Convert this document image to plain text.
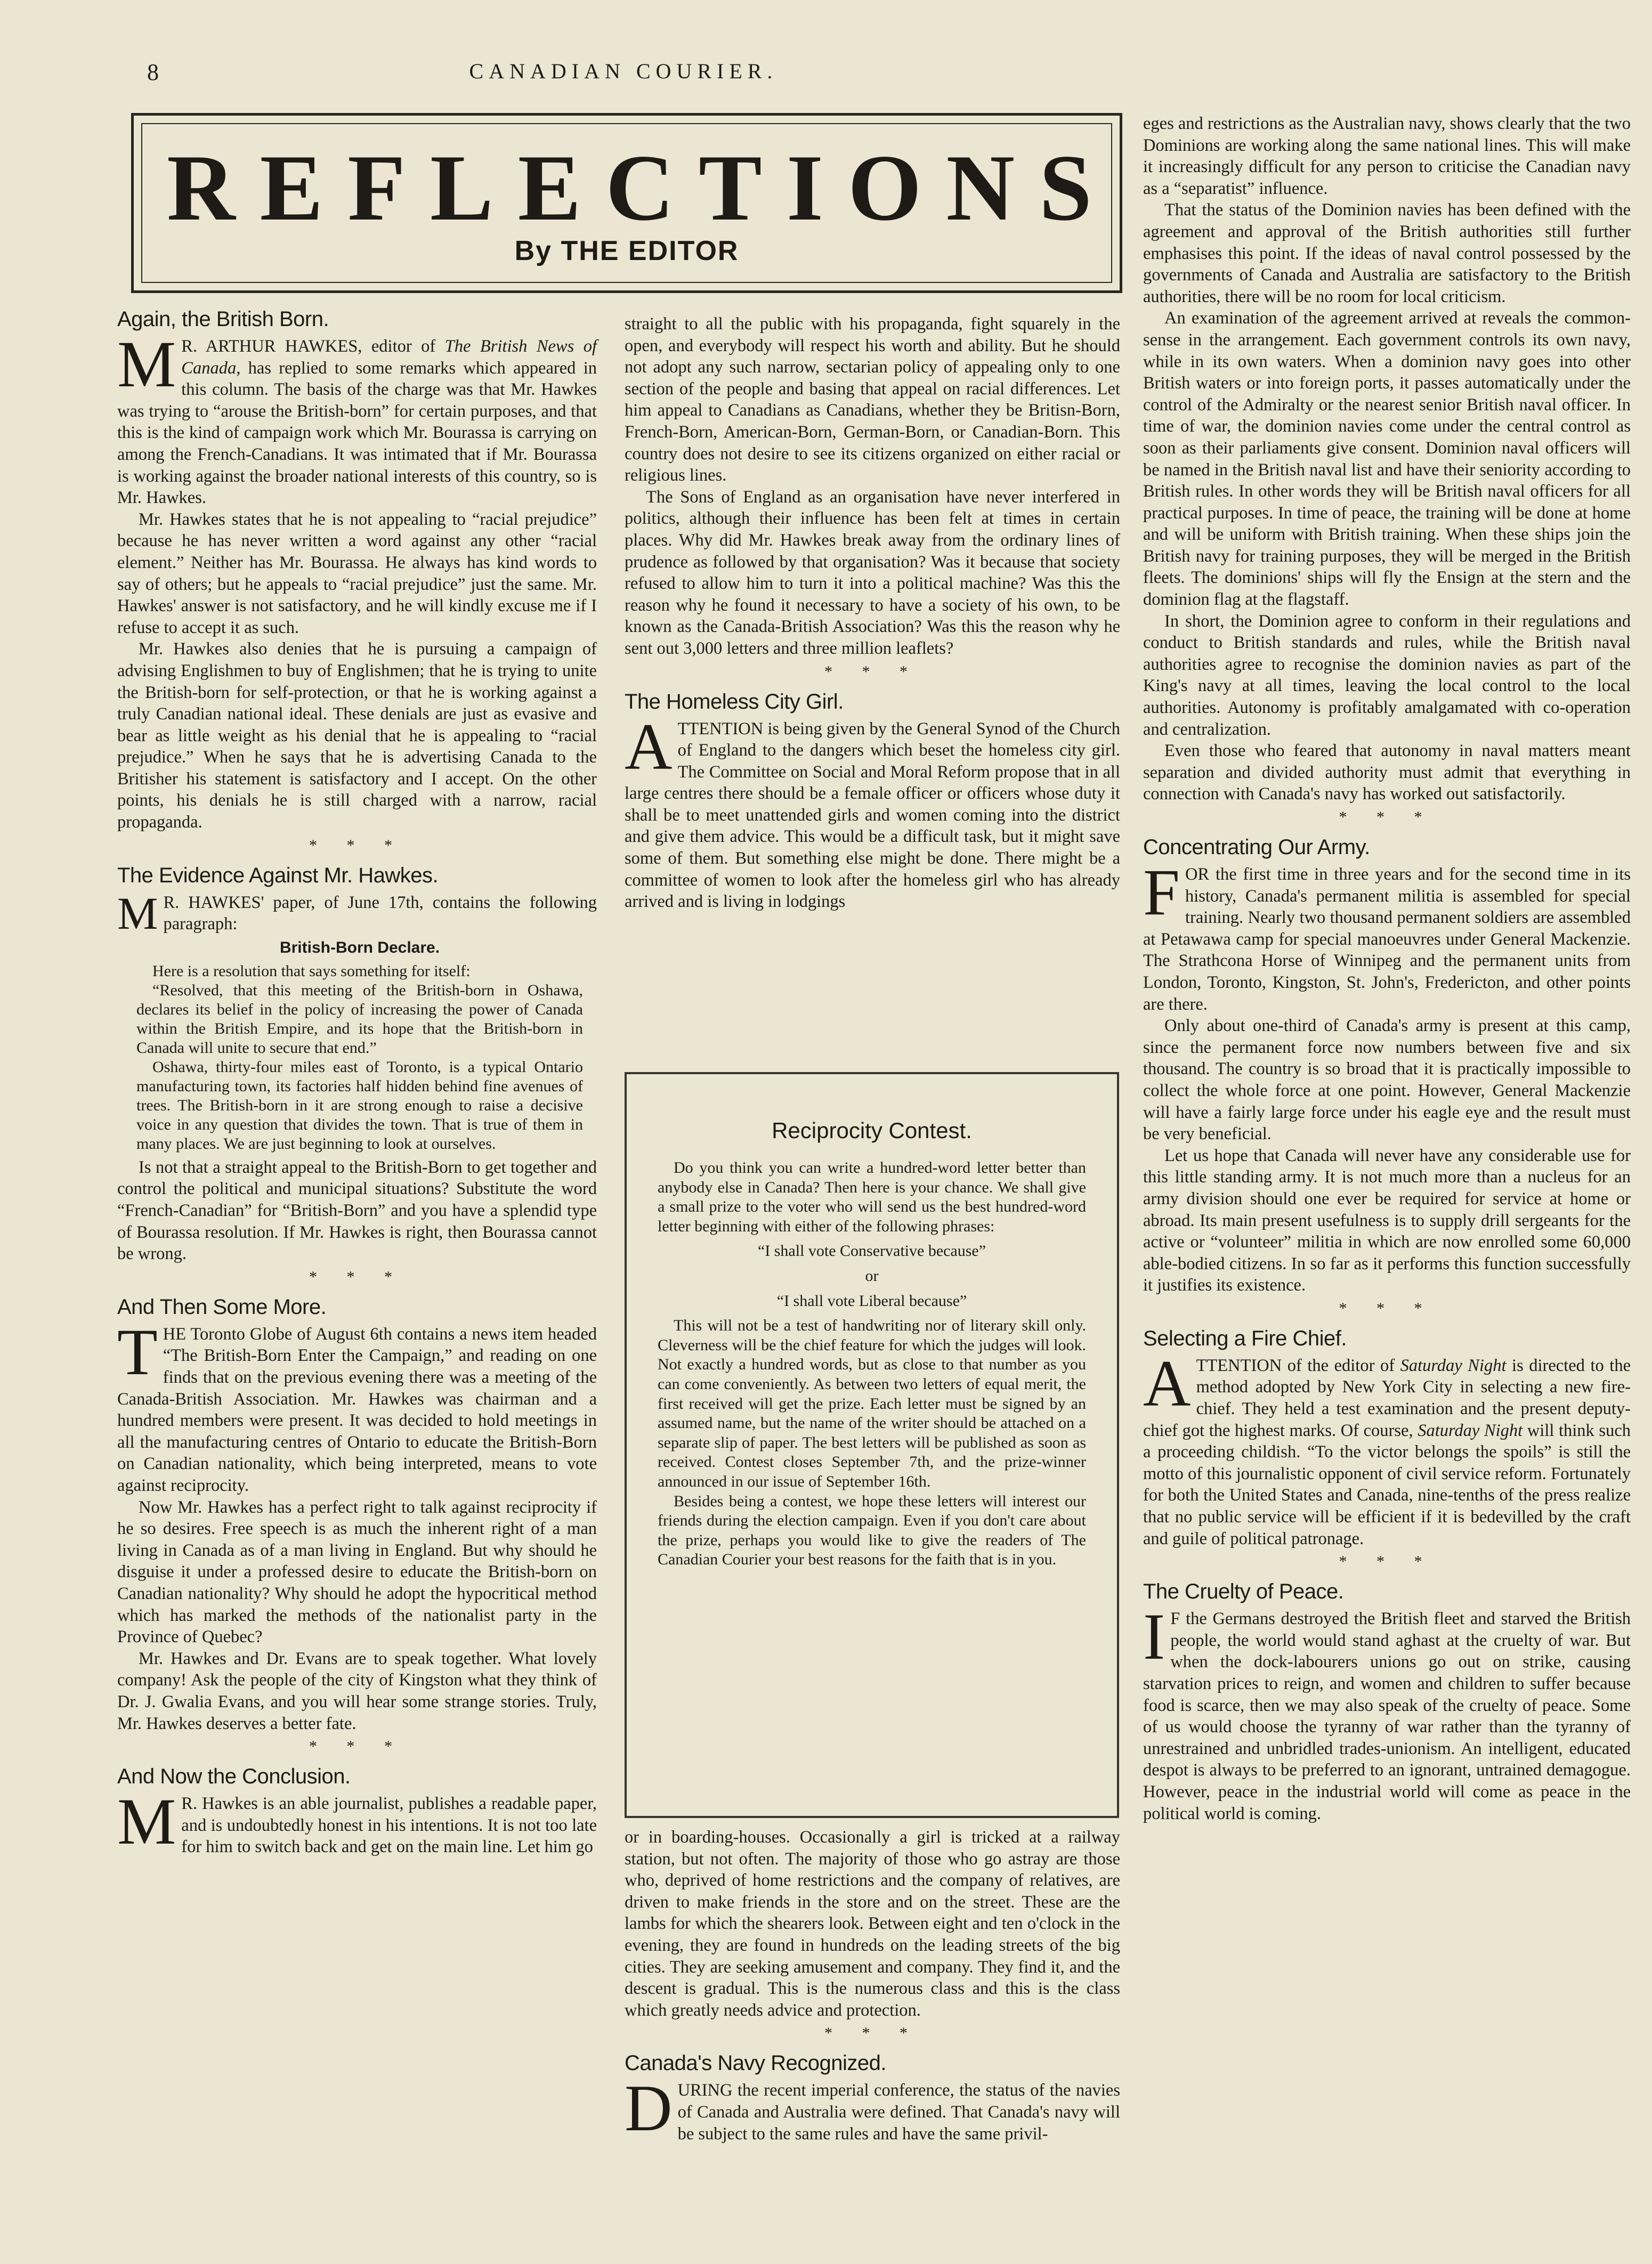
8	CANADIAN COURIER.
REFLECTIONS
By THE EDITOR
Again, the British Born.

M R. ARTHUR HAWKES, editor of The British News of Canada, has replied to some remarks which appeared in this column. The basis of the charge was that Mr. Hawkes was trying to “arouse the British-born” for certain purposes, and that this is the kind of campaign work which Mr. Bourassa is carrying on among the French-Canadians. It was intimated that if Mr. Bourassa is working against the broader national interests of this country, so is Mr. Hawkes.

Mr. Hawkes states that he is not appealing to “racial prejudice” because he has never written a word against any other “racial element.” Neither has Mr. Bourassa. He always has kind words to say of others; but he appeals to “racial prejudice” just the same. Mr. Hawkes' answer is not satisfactory, and he will kindly excuse me if I refuse to accept it as such.

Mr. Hawkes also denies that he is pursuing a campaign of advising Englishmen to buy of Englishmen; that he is trying to unite the British-born for self-protection, or that he is working against a truly Canadian national ideal. These denials are just as evasive and bear as little weight as his denial that he is appealing to “racial prejudice.” When he says that he is advertising Canada to the Britisher his statement is satisfactory and I accept. On the other points, his denials he is still charged with a narrow, racial propaganda.

* * *
The Evidence Against Mr. Hawkes.

M R. HAWKES' paper, of June 17th, contains the following paragraph:

British-Born Declare.

Here is a resolution that says something for itself:

“Resolved, that this meeting of the British-born in Oshawa, declares its belief in the policy of increasing the power of Canada within the British Empire, and its hope that the British-born in Canada will unite to secure that end.”

Oshawa, thirty-four miles east of Toronto, is a typical Ontario manufacturing town, its factories half hidden behind fine avenues of trees. The British-born in it are strong enough to raise a decisive voice in any question that divides the town. That is true of them in many places. We are just beginning to look at ourselves.

Is not that a straight appeal to the British-Born to get together and control the political and municipal situations? Substitute the word “French-Canadian” for “British-Born” and you have a splendid type of Bourassa resolution. If Mr. Hawkes is right, then Bourassa cannot be wrong.

* * *
And Then Some More.

THE Toronto Globe of August 6th contains a news item headed “The British-Born Enter the Campaign,” and reading on one finds that on the previous evening there was a meeting of the Canada-British Association. Mr. Hawkes was chairman and a hundred members were present. It was decided to hold meetings in all the manufacturing centres of Ontario to educate the British-Born on Canadian nationality, which being interpreted, means to vote against reciprocity.

Now Mr. Hawkes has a perfect right to talk against reciprocity if he so desires. Free speech is as much the inherent right of a man living in Canada as of a man living in England. But why should he disguise it under a professed desire to educate the British-born on Canadian nationality? Why should he adopt the hypocritical method which has marked the methods of the nationalist party in the Province of Quebec?

Mr. Hawkes and Dr. Evans are to speak together. What lovely company! Ask the people of the city of Kingston what they think of Dr. J. Gwalia Evans, and you will hear some strange stories. Truly, Mr. Hawkes deserves a better fate.

* * *
And Now the Conclusion.

M R. Hawkes is an able journalist, publishes a readable paper, and is undoubtedly honest in his intentions. It is not too late for him to switch back and get on the main line. Let him go

straight to all the public with his propaganda, fight squarely in the open, and everybody will respect his worth and ability. But he should not adopt any such narrow, sectarian policy of appealing only to one section of the people and basing that appeal on racial differences. Let him appeal to Canadians as Canadians, whether they be Britisn-Born, French-Born, American-Born, German-Born, or Canadian-Born. This country does not desire to see its citizens organized on either racial or religious lines.

The Sons of England as an organisation have never interfered in politics, although their influence has been felt at times in certain places. Why did Mr. Hawkes break away from the ordinary lines of prudence as followed by that organisation? Was it because that society refused to allow him to turn it into a political machine? Was this the reason why he found it necessary to have a society of his own, to be known as the Canada-British Association? Was this the reason why he sent out 3,000 letters and three million leaflets?

* * *
The Homeless City Girl.

ATTENTION is being given by the General Synod of the Church of England to the dangers which beset the homeless city girl. The Committee on Social and Moral Reform propose that in all large centres there should be a female officer or officers whose duty it shall be to meet unattended girls and women coming into the district and give them advice. This would be a difficult task, but it might save some of them. But something else might be done. There might be a committee of women to look after the homeless girl who has already arrived and is living in lodgings

Reciprocity Contest.

Do you think you can write a hundred-word letter better than anybody else in Canada? Then here is your chance. We shall give a small prize to the voter who will send us the best hundred-word letter beginning with either of the following phrases:

“I shall vote Conservative because”

or

“I shall vote Liberal because”

This will not be a test of handwriting nor of literary skill only. Cleverness will be the chief feature for which the judges will look. Not exactly a hundred words, but as close to that number as you can come conveniently. As between two letters of equal merit, the first received will get the prize. Each letter must be signed by an assumed name, but the name of the writer should be attached on a separate slip of paper. The best letters will be published as soon as received. Contest closes September 7th, and the prize-winner announced in our issue of September 16th.

Besides being a contest, we hope these letters will interest our friends during the election campaign. Even if you don't care about the prize, perhaps you would like to give the readers of The Canadian Courier your best reasons for the faith that is in you.

or in boarding-houses. Occasionally a girl is tricked at a railway station, but not often. The majority of those who go astray are those who, deprived of home restrictions and the company of relatives, are driven to make friends in the store and on the street. These are the lambs for which the shearers look. Between eight and ten o'clock in the evening, they are found in hundreds on the leading streets of the big cities. They are seeking amusement and company. They find it, and the descent is gradual. This is the numerous class and this is the class which greatly needs advice and protection.

* * *
Canada's Navy Recognized.

DURING the recent imperial conference, the status of the navies of Canada and Australia were defined. That Canada's navy will be subject to the same rules and have the same privil-

eges and restrictions as the Australian navy, shows clearly that the two Dominions are working along the same national lines. This will make it increasingly difficult for any person to criticise the Canadian navy as a “separatist” influence.

That the status of the Dominion navies has been defined with the agreement and approval of the British authorities still further emphasises this point. If the ideas of naval control possessed by the governments of Canada and Australia are satisfactory to the British authorities, there will be no room for local criticism.

An examination of the agreement arrived at reveals the common-sense in the arrangement. Each government controls its own navy, while in its own waters. When a dominion navy goes into other British waters or into foreign ports, it passes automatically under the control of the Admiralty or the nearest senior British naval officer. In time of war, the dominion navies come under the central control as soon as their parliaments give consent. Dominion naval officers will be named in the British naval list and have their seniority according to British rules. In other words they will be British naval officers for all practical purposes. In time of peace, the training will be done at home and will be uniform with British training. When these ships join the British navy for training purposes, they will be merged in the British fleets. The dominions' ships will fly the Ensign at the stern and the dominion flag at the flagstaff.

In short, the Dominion agree to conform in their regulations and conduct to British standards and rules, while the British naval authorities agree to recognise the dominion navies as part of the King's navy at all times, leaving the local control to the local authorities. Autonomy is profitably amalgamated with co-operation and centralization.

Even those who feared that autonomy in naval matters meant separation and divided authority must admit that everything in connection with Canada's navy has worked out satisfactorily.

* * *
Concentrating Our Army.

FOR the first time in three years and for the second time in its history, Canada's permanent militia is assembled for special training. Nearly two thousand permanent soldiers are assembled at Petawawa camp for special manoeuvres under General Mackenzie. The Strathcona Horse of Winnipeg and the permanent units from London, Toronto, Kingston, St. John's, Fredericton, and other points are there.

Only about one-third of Canada's army is present at this camp, since the permanent force now numbers between five and six thousand. The country is so broad that it is practically impossible to collect the whole force at one point. However, General Mackenzie will have a fairly large force under his eagle eye and the result must be very beneficial.

Let us hope that Canada will never have any considerable use for this little standing army. It is not much more than a nucleus for an army division should one ever be required for service at home or abroad. Its main present usefulness is to supply drill sergeants for the active or “volunteer” militia in which are now enrolled some 60,000 able-bodied citizens. In so far as it performs this function successfully it justifies its existence.

* * *
Selecting a Fire Chief.

ATTENTION of the editor of Saturday Night is directed to the method adopted by New York City in selecting a new fire-chief. They held a test examination and the present deputy-chief got the highest marks. Of course, Saturday Night will think such a proceeding childish. “To the victor belongs the spoils” is still the motto of this journalistic opponent of civil service reform. Fortunately for both the United States and Canada, nine-tenths of the press realize that no public service will be efficient if it is bedevilled by the craft and guile of political patronage.

* * *
The Cruelty of Peace.

I F the Germans destroyed the British fleet and starved the British people, the world would stand aghast at the cruelty of war. But when the dock-labourers unions go out on strike, causing starvation prices to reign, and women and children to suffer because food is scarce, then we may also speak of the cruelty of peace. Some of us would choose the tyranny of war rather than the tyranny of unrestrained and unbridled trades-unionism. An intelligent, educated despot is always to be preferred to an ignorant, untrained demagogue. However, peace in the industrial world will come as peace in the political world is coming.
